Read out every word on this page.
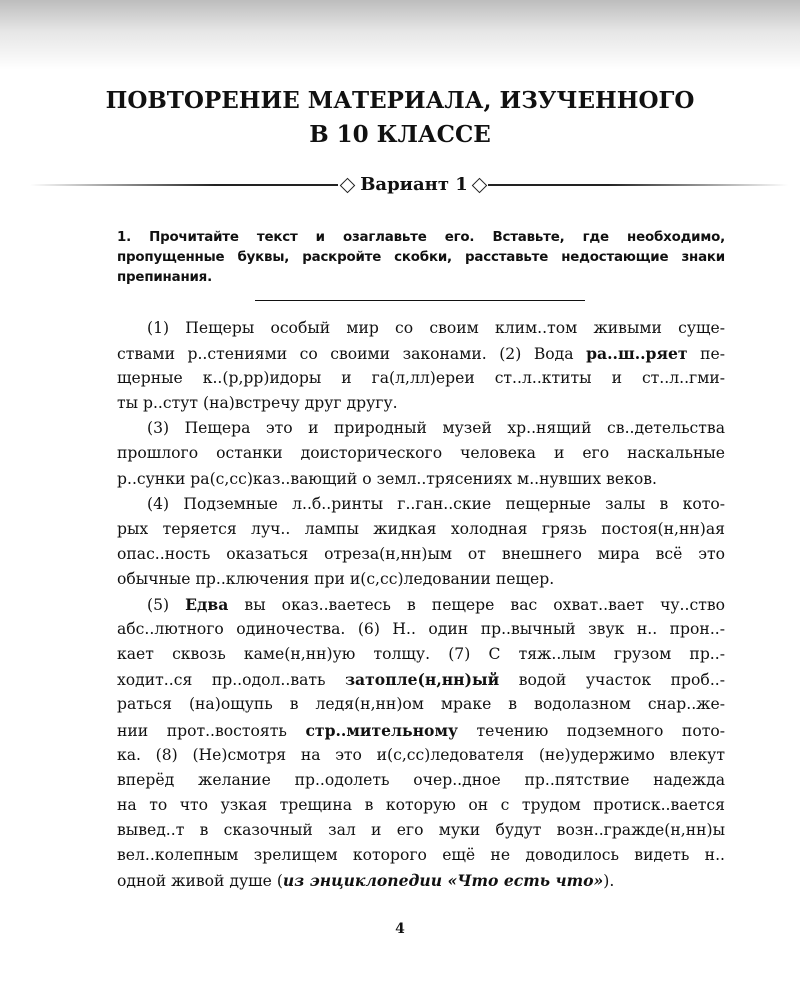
ПОВТОРЕНИЕ МАТЕРИАЛА, ИЗУЧЕННОГО
В 10 КЛАССЕ
Вариант 1
1. Прочитайте текст и озаглавьте его. Вставьте, где необходимо, пропущенные буквы, раскройте скобки, расставьте недостающие знаки препинания.
(1) Пещеры особый мир со своим клим..том живыми суще-
ствами р..стениями со своими законами. (2) Вода ра..ш..ряет пе-
щерные к..(р,рр)идоры и га(л,лл)ереи ст..л..ктиты и ст..л..гми-
ты р..стут (на)встречу друг другу.
(3) Пещера это и природный музей хр..нящий св..детельства
прошлого останки доисторического человека и его наскальные
р..сунки ра(с,сс)каз..вающий о земл..трясениях м..нувших веков.
(4) Подземные л..б..ринты г..ган..ские пещерные залы в кото-
рых теряется луч.. лампы жидкая холодная грязь постоя(н,нн)ая
опас..ность оказаться отреза(н,нн)ым от внешнего мира всё это
обычные пр..ключения при и(с,сс)ледовании пещер.
(5) Едва вы оказ..ваетесь в пещере вас охват..вает чу..ство
абс..лютного одиночества. (6) Н.. один пр..вычный звук н.. прон..-
кает сквозь каме(н,нн)ую толщу. (7) С тяж..лым грузом пр..-
ходит..ся пр..одол..вать затопле(н,нн)ый водой участок проб..-
раться (на)ощупь в ледя(н,нн)ом мраке в водолазном снар..же-
нии прот..востоять стр..мительному течению подземного пото-
ка. (8) (Не)смотря на это и(с,сс)ледователя (не)удержимо влекут
вперёд желание пр..одолеть очер..дное пр..пятствие надежда
на то что узкая трещина в которую он с трудом протиск..вается
вывед..т в сказочный зал и его муки будут возн..гражде(н,нн)ы
вел..колепным зрелищем которого ещё не доводилось видеть н..
одной живой душе (из энциклопедии «Что есть что»).
4
